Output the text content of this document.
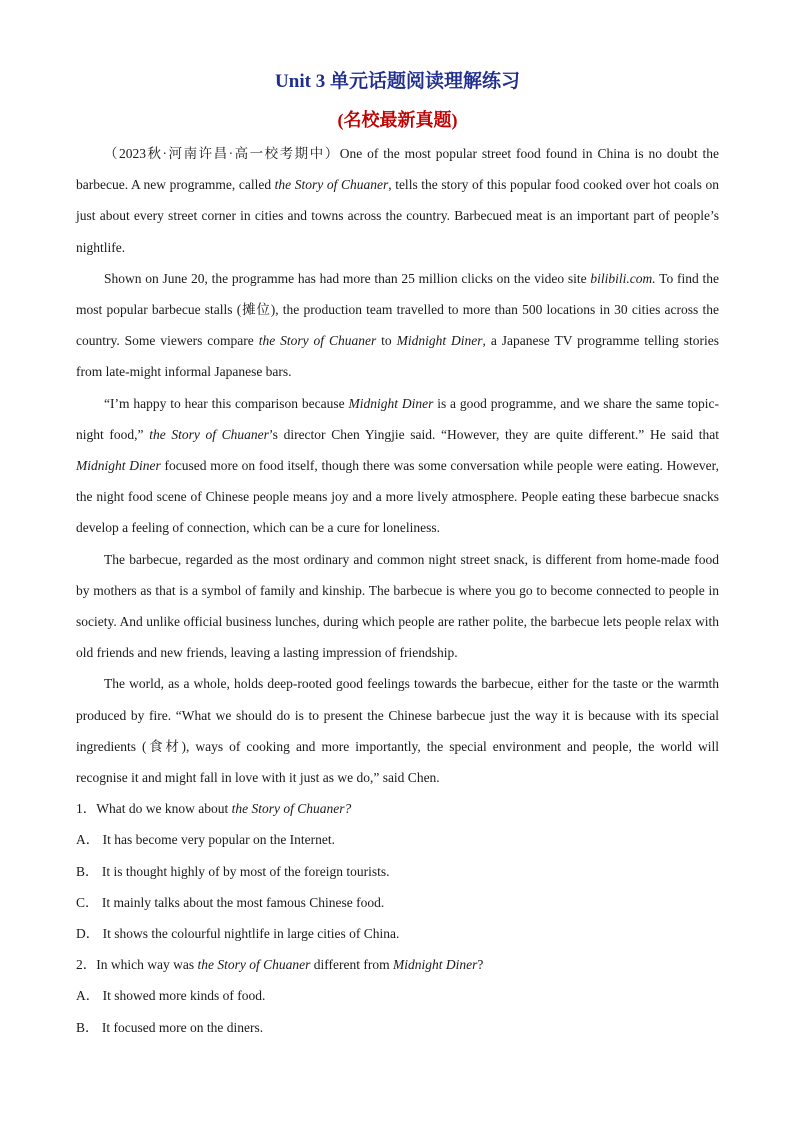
Unit 3 单元话题阅读理解练习
(名校最新真题)

（2023秋·河南许昌·高一校考期中）One of the most popular street food found in China is no doubt the barbecue. A new programme, called the Story of Chuaner, tells the story of this popular food cooked over hot coals on just about every street corner in cities and towns across the country. Barbecued meat is an important part of people’s nightlife.

Shown on June 20, the programme has had more than 25 million clicks on the video site bilibili.com. To find the most popular barbecue stalls (摊位), the production team travelled to more than 500 locations in 30 cities across the country. Some viewers compare the Story of Chuaner to Midnight Diner, a Japanese TV programme telling stories from late-might informal Japanese bars.

“I’m happy to hear this comparison because Midnight Diner is a good programme, and we share the same topic-night food,” the Story of Chuaner’s director Chen Yingjie said. “However, they are quite different.” He said that Midnight Diner focused more on food itself, though there was some conversation while people were eating. However, the night food scene of Chinese people means joy and a more lively atmosphere. People eating these barbecue snacks develop a feeling of connection, which can be a cure for loneliness.

The barbecue, regarded as the most ordinary and common night street snack, is different from home-made food by mothers as that is a symbol of family and kinship. The barbecue is where you go to become connected to people in society. And unlike official business lunches, during which people are rather polite, the barbecue lets people relax with old friends and new friends, leaving a lasting impression of friendship.

The world, as a whole, holds deep-rooted good feelings towards the barbecue, either for the taste or the warmth produced by fire. “What we should do is to present the Chinese barbecue just the way it is because with its special ingredients (食材), ways of cooking and more importantly, the special environment and people, the world will recognise it and might fall in love with it just as we do,” said Chen.

1．What do we know about the Story of Chuaner?

A． It has become very popular on the Internet.

B． It is thought highly of by most of the foreign tourists.

C． It mainly talks about the most famous Chinese food.

D． It shows the colourful nightlife in large cities of China.

2．In which way was the Story of Chuaner different from Midnight Diner?

A． It showed more kinds of food.

B． It focused more on the diners.
